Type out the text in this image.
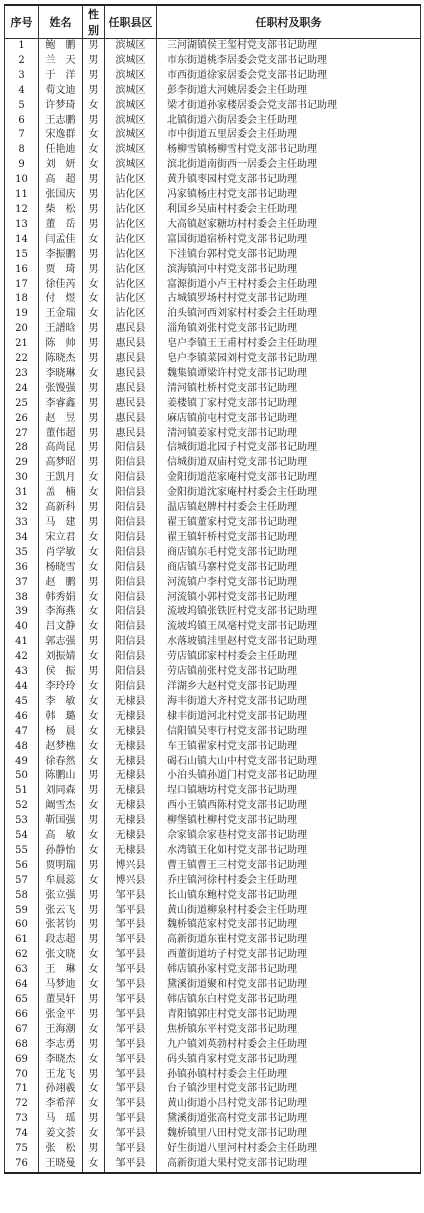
序号	姓名	性别	任职县区	任职村及职务
1	鲍　鹏	男	滨城区	三河湖镇侯王玺村党支部书记助理
2	兰　天	男	滨城区	市东街道桃李居委会党支部书记助理
3	于　洋	男	滨城区	市西街道徐家居委会党支部书记助理
4	荀文迪	男	滨城区	彭李街道大河姚居委会主任助理
5	许梦琦	女	滨城区	梁才街道孙家楼居委会党支部书记助理
6	王志鹏	男	滨城区	北镇街道六街居委会主任助理
7	宋逸群	女	滨城区	市中街道五里居委会主任助理
8	任艳迪	女	滨城区	杨柳雪镇杨柳雪村党支部书记助理
9	刘　妍	女	滨城区	滨北街道南街西一居委会主任助理
10	高　超	男	沾化区	黄升镇枣园村党支部书记助理
11	张国庆	男	沾化区	冯家镇杨庄村党支部书记助理
12	柴　松	男	沾化区	利国乡吴庙村村委会主任助理
13	董　岳	男	沾化区	大高镇赵家糖坊村村委会主任助理
14	闫孟佳	女	沾化区	富国街道宿桥村党支部书记助理
15	李振鹏	男	沾化区	下洼镇台郭村党支部书记助理
16	贾　琦	男	沾化区	滨海镇河中村党支部书记助理
17	徐佳芮	女	沾化区	富源街道小卢王村村委会主任助理
18	付　煜	女	沾化区	古城镇罗场村村党支部书记助理
19	王金瑞	女	沾化区	泊头镇河西刘家村村委会主任助理
20	王譜晗	男	惠民县	淄角镇刘张村党支部书记助理
21	陈　帅	男	惠民县	皂户李镇王王甫村村委会主任助理
22	陈晓杰	男	惠民县	皂户李镇菜园刘村党支部书记助理
23	李晓琳	女	惠民县	魏集镇谭梁许村党支部书记助理
24	张馒强	男	惠民县	清河镇杜桥村党支部书记助理
25	李睿鑫	男	惠民县	姜楼镇丁家村党支部书记助理
26	赵　昱	男	惠民县	麻店镇前屯村党支部书记助理
27	董伟超	男	惠民县	清河镇姜家村党支部书记助理
28	高尚昆	男	阳信县	信城街道北园子村党支部书记助理
29	高梦昭	男	阳信县	信城街道双庙村党支部书记助理
30	王凯月	女	阳信县	金阳街道范家庵村党支部书记助理
31	盖　楠	女	阳信县	金阳街道沈家庵村村委会主任助理
32	高新科	男	阳信县	温店镇赵牌村村委会主任助理
33	马　建	男	阳信县	翟王镇董家村党支部书记助理
34	宋立君	女	阳信县	翟王镇轩桥村党支部书记助理
35	肖学敏	女	阳信县	商店镇东毛村党支部书记助理
36	杨晓雪	女	阳信县	商店镇马寨村党支部书记助理
37	赵　鹏	男	阳信县	河流镇户李村党支部书记助理
38	韩秀娟	女	阳信县	河流镇小郭村党支部书记助理
39	李海燕	女	阳信县	流坡坞镇张铁匠村党支部书记助理
40	吕文静	女	阳信县	流坡坞镇王凤毫村党支部书记助理
41	郭志强	男	阳信县	水落坡镇洼里赵村党支部书记助理
42	刘振婧	女	阳信县	劳店镇邱家村村委会主任助理
43	侯　振	男	阳信县	劳店镇前张村党支部书记助理
44	李玲玲	女	阳信县	洋湖乡大赵村党支部书记助理
45	李　敏	女	无棣县	海丰街道大齐村党支部书记助理
46	韩　璐	女	无棣县	棣丰街道河北村党支部书记助理
47	杨　晨	女	无棣县	信阳镇吴枣行村党支部书记助理
48	赵梦樵	女	无棣县	车王镇翟家村党支部书记助理
49	徐春然	女	无棣县	碣石山镇大山中村党支部书记助理
50	陈鹏山	男	无棣县	小泊头镇孙道门村党支部书记助理
51	刘同森	男	无棣县	埕口镇塘坊村党支部书记助理
52	阚雪杰	女	无棣县	西小王镇西陈村党支部书记助理
53	靳国强	男	无棣县	柳堡镇杜柳村党支部书记助理
54	高　敏	女	无棣县	佘家镇佘家巷村党支部书记助理
55	孙静怡	女	无棣县	水湾镇王化如村党支部书记助理
56	贾明瑞	男	博兴县	曹王镇曹王三村党支部书记助理
57	牟晨蕊	女	博兴县	乔庄镇河徐村村委会主任助理
58	张立强	男	邹平县	长山镇东鲍村党支部书记助理
59	张云飞	男	邹平县	黄山街道柳泉村村委会主任助理
60	张茗钧	男	邹平县	魏桥镇范家村党支部书记助理
61	段志超	男	邹平县	高新街道东崔村党支部书记助理
62	张文晓	女	邹平县	西董街道坊子村党支部书记助理
63	王　琳	女	邹平县	韩店镇孙家村党支部书记助理
64	马梦迪	女	邹平县	黛溪街道聚和村党支部书记助理
65	董昊轩	男	邹平县	韩店镇东白村党支部书记助理
66	张金平	男	邹平县	青阳镇郭庄村党支部书记助理
67	王海潮	女	邹平县	焦桥镇东平村党支部书记助理
68	李志勇	男	邹平县	九户镇刘英勃村村委会主任助理
69	李晓杰	女	邹平县	码头镇肖家村党支部书记助理
70	王龙飞	男	邹平县	孙镇孙镇村村委会主任助理
71	孙翊羲	女	邹平县	台子镇沙里村党支部书记助理
72	李希萍	女	邹平县	黄山街道小吕村党支部书记助理
73	马　瑶	男	邹平县	黛溪街道张高村党支部书记助理
74	姜文荟	女	邹平县	魏桥镇里八田村党支部书记助理
75	张　松	男	邹平县	好生街道八里河村村委会主任助理
76	王晓曼	女	邹平县	高新街道大果村党支部书记助理
